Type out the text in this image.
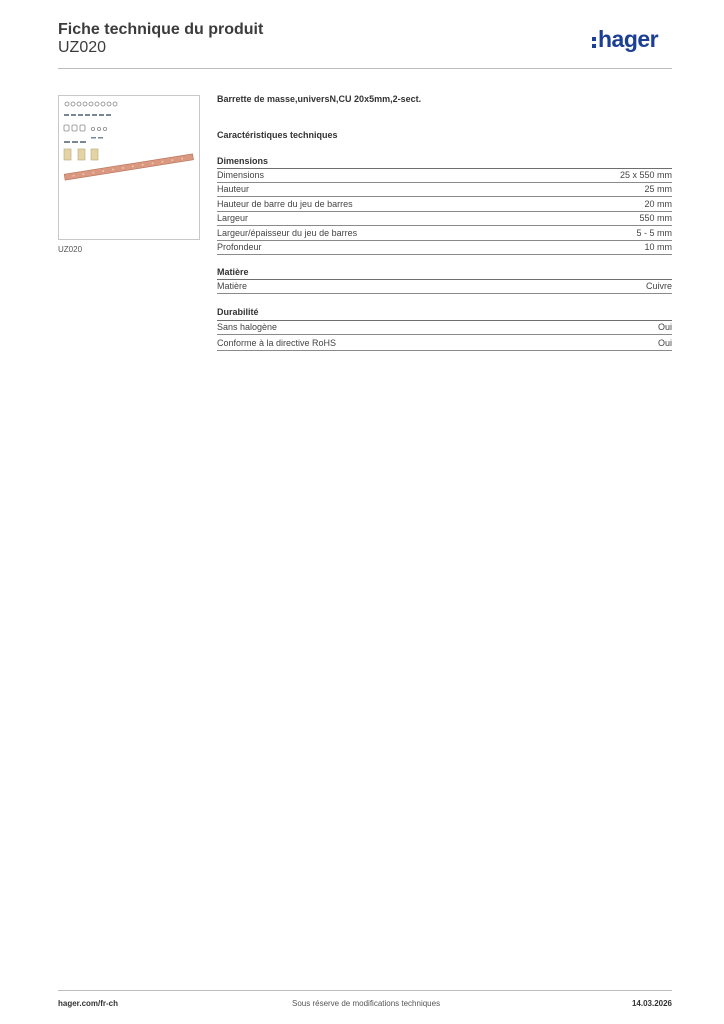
Fiche technique du produit
UZ020	hager
UZ020
Barrette de masse,universN,CU 20x5mm,2-sect.
Caractéristiques techniques
Dimensions
Dimensions	25 x 550 mm
Hauteur	25 mm
Hauteur de barre du jeu de barres	20 mm
Largeur	550 mm
Largeur/épaisseur du jeu de barres	5 - 5 mm
Profondeur	10 mm
Matière
Matière	Cuivre
Durabilité
Sans halogène	Oui
Conforme à la directive RoHS	Oui
hager.com/fr-ch	Sous réserve de modifications techniques	14.03.2026
